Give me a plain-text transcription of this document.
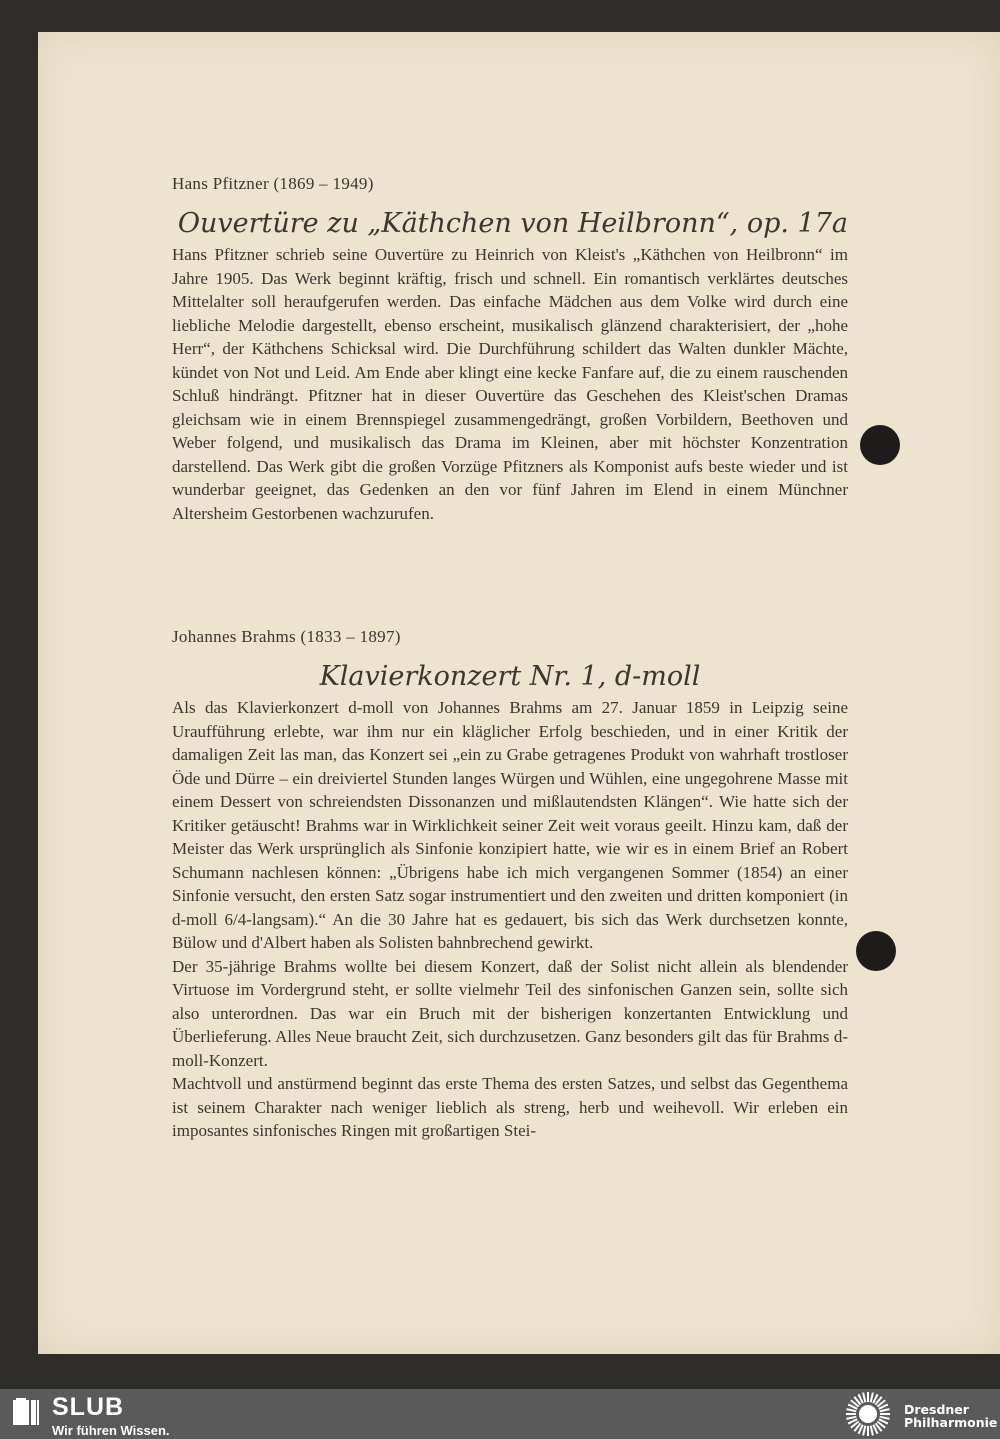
Hans Pfitzner (1869 – 1949)

Ouvertüre zu „Käthchen von Heilbronn“, op. 17a

Hans Pfitzner schrieb seine Ouvertüre zu Heinrich von Kleist's „Käthchen von Heilbronn“ im Jahre 1905. Das Werk beginnt kräftig, frisch und schnell. Ein romantisch verklärtes deutsches Mittelalter soll heraufgerufen werden. Das einfache Mädchen aus dem Volke wird durch eine liebliche Melodie dargestellt, ebenso erscheint, musikalisch glänzend charakterisiert, der „hohe Herr“, der Käthchens Schicksal wird. Die Durchführung schildert das Walten dunkler Mächte, kündet von Not und Leid. Am Ende aber klingt eine kecke Fanfare auf, die zu einem rauschenden Schluß hindrängt. Pfitzner hat in dieser Ouvertüre das Geschehen des Kleist'schen Dramas gleichsam wie in einem Brennspiegel zusammengedrängt, großen Vorbildern, Beethoven und Weber folgend, und musikalisch das Drama im Kleinen, aber mit höchster Konzentration darstellend. Das Werk gibt die großen Vorzüge Pfitzners als Komponist aufs beste wieder und ist wunderbar geeignet, das Gedenken an den vor fünf Jahren im Elend in einem Münchner Altersheim Gestorbenen wachzurufen.

Johannes Brahms (1833 – 1897)

Klavierkonzert Nr. 1, d-moll

Als das Klavierkonzert d-moll von Johannes Brahms am 27. Januar 1859 in Leipzig seine Uraufführung erlebte, war ihm nur ein kläglicher Erfolg beschieden, und in einer Kritik der damaligen Zeit las man, das Konzert sei „ein zu Grabe getragenes Produkt von wahrhaft trostloser Öde und Dürre – ein dreiviertel Stunden langes Würgen und Wühlen, eine ungegohrene Masse mit einem Dessert von schreiendsten Dissonanzen und mißlautendsten Klängen“. Wie hatte sich der Kritiker getäuscht! Brahms war in Wirklichkeit seiner Zeit weit voraus geeilt. Hinzu kam, daß der Meister das Werk ursprünglich als Sinfonie konzipiert hatte, wie wir es in einem Brief an Robert Schumann nachlesen können: „Übrigens habe ich mich vergangenen Sommer (1854) an einer Sinfonie versucht, den ersten Satz sogar instrumentiert und den zweiten und dritten komponiert (in d-moll 6/4-langsam).“ An die 30 Jahre hat es gedauert, bis sich das Werk durchsetzen konnte, Bülow und d'Albert haben als Solisten bahnbrechend gewirkt.

Der 35-jährige Brahms wollte bei diesem Konzert, daß der Solist nicht allein als blendender Virtuose im Vordergrund steht, er sollte vielmehr Teil des sinfonischen Ganzen sein, sollte sich also unterordnen. Das war ein Bruch mit der bisherigen konzertanten Entwicklung und Überlieferung. Alles Neue braucht Zeit, sich durchzusetzen. Ganz besonders gilt das für Brahms d-moll-Konzert.

Machtvoll und anstürmend beginnt das erste Thema des ersten Satzes, und selbst das Gegenthema ist seinem Charakter nach weniger lieblich als streng, herb und weihevoll. Wir erleben ein imposantes sinfonisches Ringen mit großartigen Stei-

SLUB
Wir führen Wissen.
Dresdner
Philharmonie
